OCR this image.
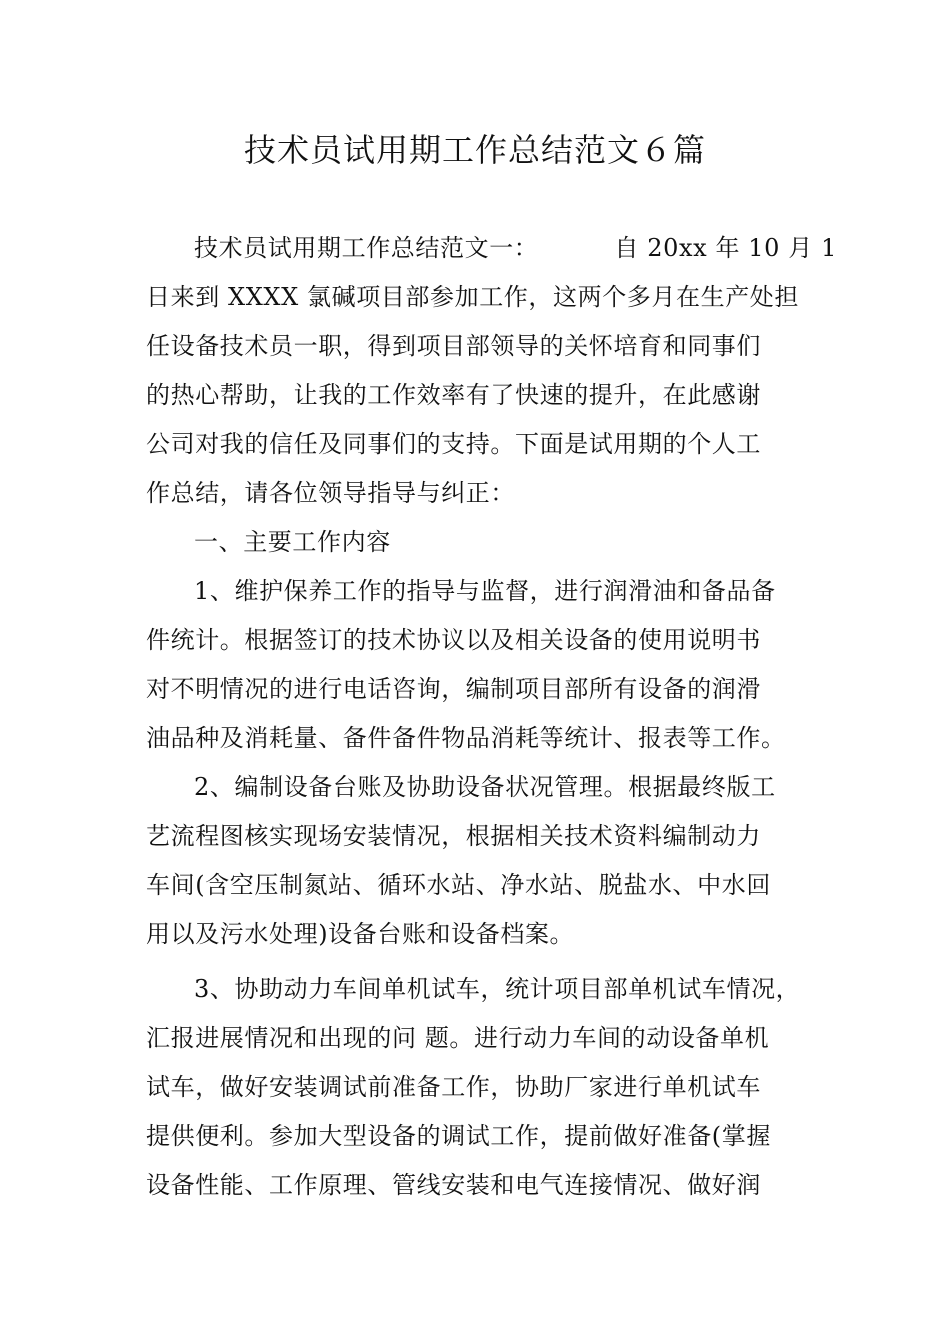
技术员试用期工作总结范文６篇
技术员试用期工作总结范文一：	自 20xx 年 10 月 1
日来到 XXXX 氯碱项目部参加工作，这两个多月在生产处担
任设备技术员一职，得到项目部领导的关怀培育和同事们
的热心帮助，让我的工作效率有了快速的提升，在此感谢
公司对我的信任及同事们的支持。下面是试用期的个人工
作总结，请各位领导指导与纠正：
一、主要工作内容
1、维护保养工作的指导与监督，进行润滑油和备品备
件统计。根据签订的技术协议以及相关设备的使用说明书
对不明情况的进行电话咨询，编制项目部所有设备的润滑
油品种及消耗量、备件备件物品消耗等统计、报表等工作。
2、编制设备台账及协助设备状况管理。根据最终版工
艺流程图核实现场安装情况，根据相关技术资料编制动力
车间(含空压制氮站、循环水站、净水站、脱盐水、中水回
用以及污水处理)设备台账和设备档案。
3、协助动力车间单机试车，统计项目部单机试车情况，
汇报进展情况和出现的问 题。进行动力车间的动设备单机
试车，做好安装调试前准备工作，协助厂家进行单机试车
提供便利。参加大型设备的调试工作，提前做好准备(掌握
设备性能、工作原理、管线安装和电气连接情况、做好润
